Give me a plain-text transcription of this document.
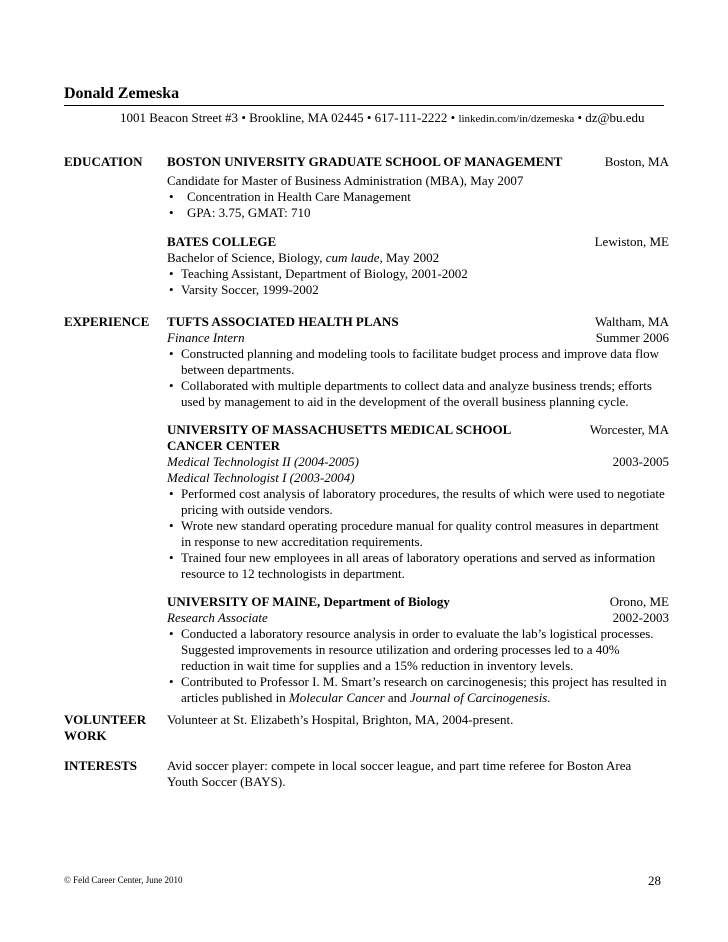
Donald Zemeska
1001 Beacon Street #3 • Brookline, MA 02445 • 617-111-2222 • linkedin.com/in/dzemeska • dz@bu.edu
EDUCATION BOSTON UNIVERSITY GRADUATE SCHOOL OF MANAGEMENT	Boston, MA
Candidate for Master of Business Administration (MBA), May 2007
• Concentration in Health Care Management
• GPA: 3.75, GMAT: 710
BATES COLLEGE	Lewiston, ME
Bachelor of Science, Biology, cum laude, May 2002
• Teaching Assistant, Department of Biology, 2001-2002
• Varsity Soccer, 1999-2002
EXPERIENCE TUFTS ASSOCIATED HEALTH PLANS	Waltham, MA
Finance Intern	Summer 2006
• Constructed planning and modeling tools to facilitate budget process and improve data flow between departments.
• Collaborated with multiple departments to collect data and analyze business trends; efforts used by management to aid in the development of the overall business planning cycle.
UNIVERSITY OF MASSACHUSETTS MEDICAL SCHOOL
CANCER CENTER
Worcester, MA
Medical Technologist II (2004-2005)	2003-2005
Medical Technologist I (2003-2004)
• Performed cost analysis of laboratory procedures, the results of which were used to negotiate pricing with outside vendors.
• Wrote new standard operating procedure manual for quality control measures in department in response to new accreditation requirements.
• Trained four new employees in all areas of laboratory operations and served as information resource to 12 technologists in department.
UNIVERSITY OF MAINE, Department of Biology	Orono, ME
Research Associate	2002-2003
• Conducted a laboratory resource analysis in order to evaluate the lab’s logistical processes. Suggested improvements in resource utilization and ordering processes led to a 40% reduction in wait time for supplies and a 15% reduction in inventory levels.
• Contributed to Professor I. M. Smart’s research on carcinogenesis; this project has resulted in articles published in Molecular Cancer and Journal of Carcinogenesis.
VOLUNTEER
WORK
Volunteer at St. Elizabeth’s Hospital, Brighton, MA, 2004-present.
INTERESTS Avid soccer player: compete in local soccer league, and part time referee for Boston Area Youth Soccer (BAYS).
© Feld Career Center, June 2010	28
